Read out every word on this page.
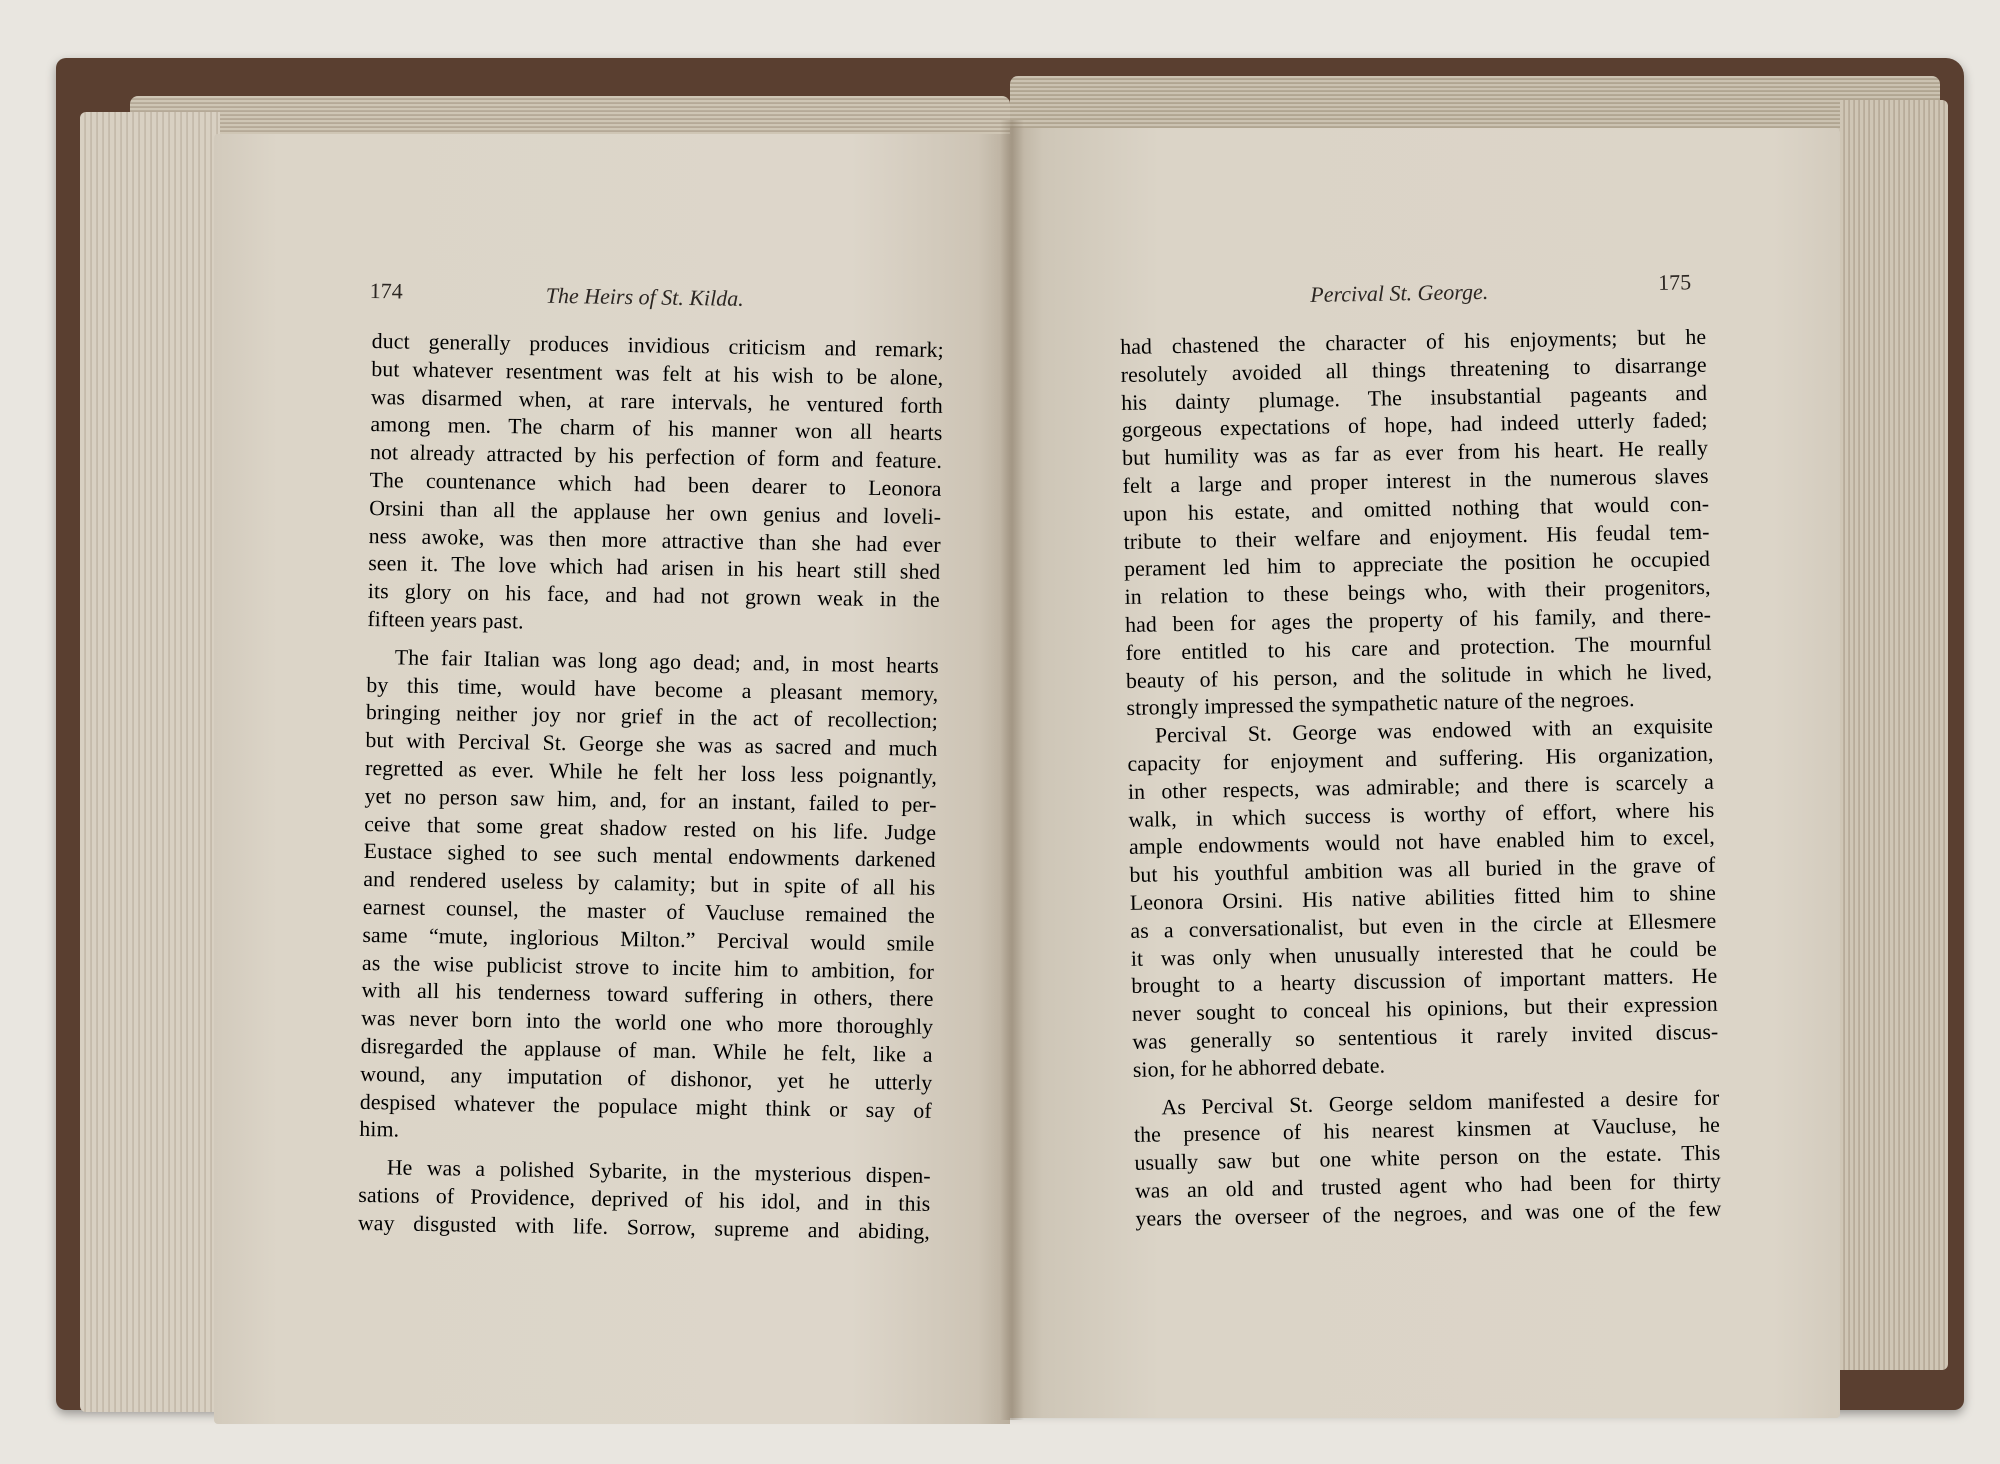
174	The Heirs of St. Kilda.	Percival St. George.	175
duct generally produces invidious criticism and remark;
but whatever resentment was felt at his wish to be alone,
was disarmed when, at rare intervals, he ventured forth
among men. The charm of his manner won all hearts
not already attracted by his perfection of form and feature.
The countenance which had been dearer to Leonora
Orsini than all the applause her own genius and loveli-
ness awoke, was then more attractive than she had ever
seen it. The love which had arisen in his heart still shed
its glory on his face, and had not grown weak in the
fifteen years past.
The fair Italian was long ago dead; and, in most hearts
by this time, would have become a pleasant memory,
bringing neither joy nor grief in the act of recollection;
but with Percival St. George she was as sacred and much
regretted as ever. While he felt her loss less poignantly,
yet no person saw him, and, for an instant, failed to per-
ceive that some great shadow rested on his life. Judge
Eustace sighed to see such mental endowments darkened
and rendered useless by calamity; but in spite of all his
earnest counsel, the master of Vaucluse remained the
same “mute, inglorious Milton.” Percival would smile
as the wise publicist strove to incite him to ambition, for
with all his tenderness toward suffering in others, there
was never born into the world one who more thoroughly
disregarded the applause of man. While he felt, like a
wound, any imputation of dishonor, yet he utterly
despised whatever the populace might think or say of
him.
He was a polished Sybarite, in the mysterious dispen-
sations of Providence, deprived of his idol, and in this
way disgusted with life. Sorrow, supreme and abiding,
had chastened the character of his enjoyments; but he
resolutely avoided all things threatening to disarrange
his dainty plumage. The insubstantial pageants and
gorgeous expectations of hope, had indeed utterly faded;
but humility was as far as ever from his heart. He really
felt a large and proper interest in the numerous slaves
upon his estate, and omitted nothing that would con-
tribute to their welfare and enjoyment. His feudal tem-
perament led him to appreciate the position he occupied
in relation to these beings who, with their progenitors,
had been for ages the property of his family, and there-
fore entitled to his care and protection. The mournful
beauty of his person, and the solitude in which he lived,
strongly impressed the sympathetic nature of the negroes.
Percival St. George was endowed with an exquisite
capacity for enjoyment and suffering. His organization,
in other respects, was admirable; and there is scarcely a
walk, in which success is worthy of effort, where his
ample endowments would not have enabled him to excel,
but his youthful ambition was all buried in the grave of
Leonora Orsini. His native abilities fitted him to shine
as a conversationalist, but even in the circle at Ellesmere
it was only when unusually interested that he could be
brought to a hearty discussion of important matters. He
never sought to conceal his opinions, but their expression
was generally so sententious it rarely invited discus-
sion, for he abhorred debate.
As Percival St. George seldom manifested a desire for
the presence of his nearest kinsmen at Vaucluse, he
usually saw but one white person on the estate. This
was an old and trusted agent who had been for thirty
years the overseer of the negroes, and was one of the few
